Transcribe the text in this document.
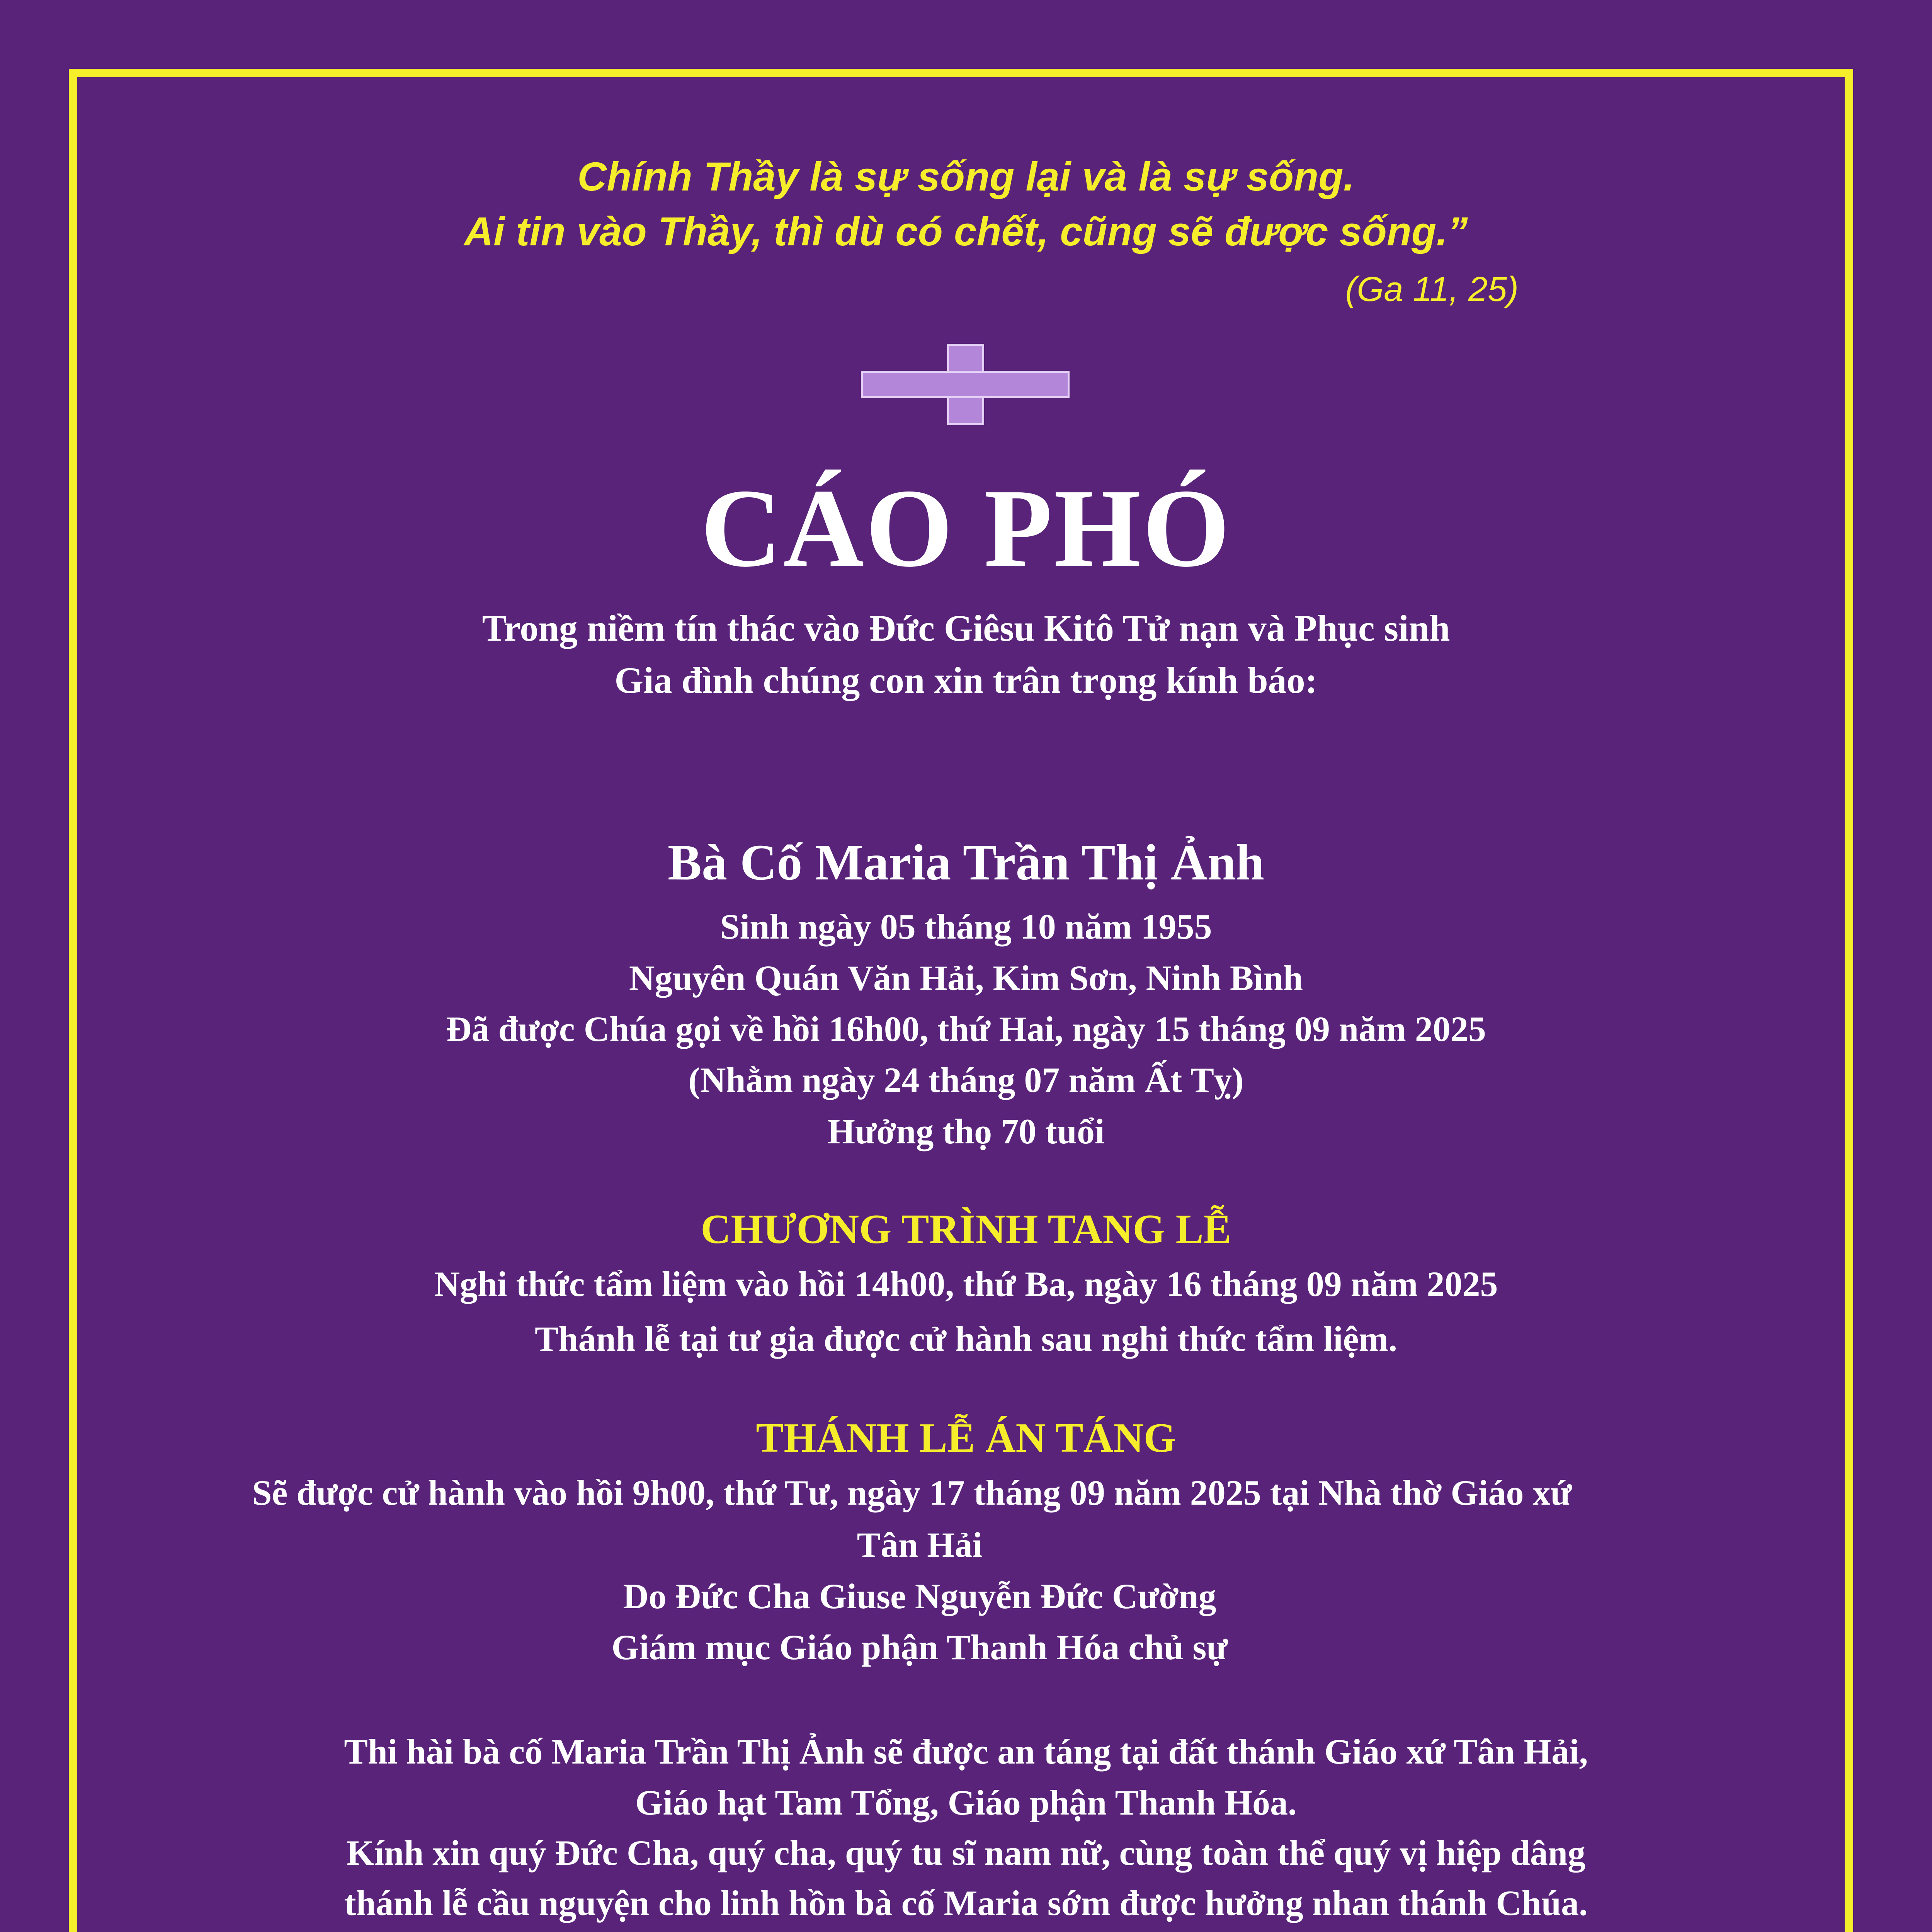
Chính Thầy là sự sống lại và là sự sống.
Ai tin vào Thầy, thì dù có chết, cũng sẽ được sống.”
(Ga 11, 25)
CÁO PHÓ
Trong niềm tín thác vào Đức Giêsu Kitô Tử nạn và Phục sinh
Gia đình chúng con xin trân trọng kính báo:
Bà Cố Maria Trần Thị Ảnh
Sinh ngày 05 tháng 10 năm 1955
Nguyên Quán Văn Hải, Kim Sơn, Ninh Bình
Đã được Chúa gọi về hồi 16h00, thứ Hai, ngày 15 tháng 09 năm 2025
(Nhằm ngày 24 tháng 07 năm Ất Tỵ)
Hưởng thọ 70 tuổi
CHƯƠNG TRÌNH TANG LỄ
Nghi thức tẩm liệm vào hồi 14h00, thứ Ba, ngày 16 tháng 09 năm 2025
Thánh lễ tại tư gia được cử hành sau nghi thức tẩm liệm.
THÁNH LỄ ÁN TÁNG
Sẽ được cử hành vào hồi 9h00, thứ Tư, ngày 17 tháng 09 năm 2025 tại Nhà thờ Giáo xứ
Tân Hải
Do Đức Cha Giuse Nguyễn Đức Cường
Giám mục Giáo phận Thanh Hóa chủ sự
Thi hài bà cố Maria Trần Thị Ảnh sẽ được an táng tại đất thánh Giáo xứ Tân Hải,
Giáo hạt Tam Tổng, Giáo phận Thanh Hóa.
Kính xin quý Đức Cha, quý cha, quý tu sĩ nam nữ, cùng toàn thể quý vị hiệp dâng
thánh lễ cầu nguyện cho linh hồn bà cố Maria sớm được hưởng nhan thánh Chúa.
